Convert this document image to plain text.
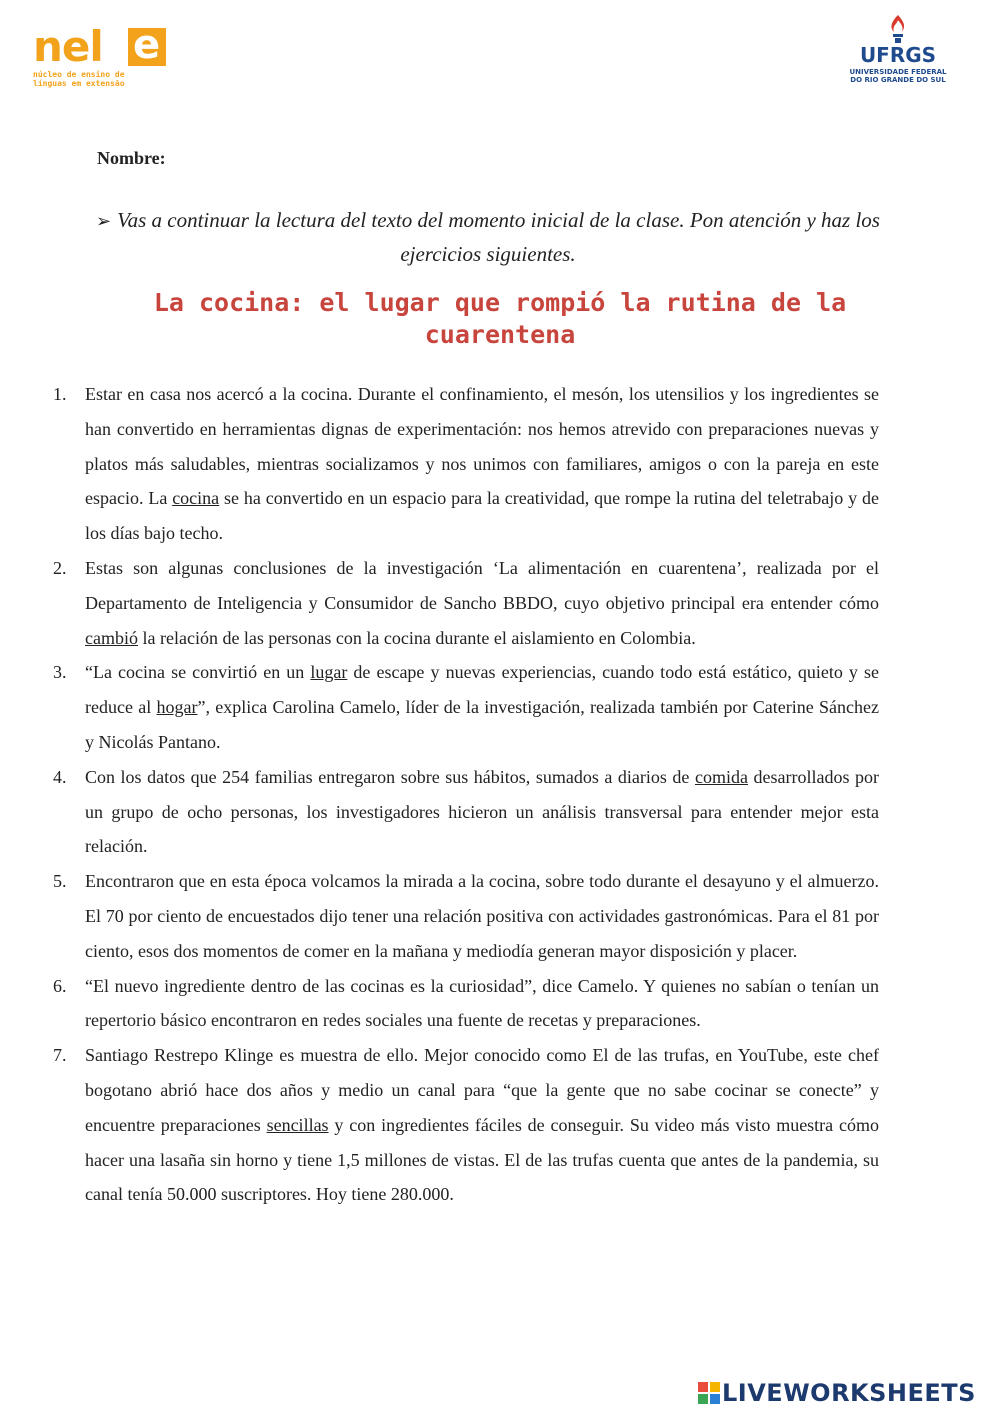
nel e
núcleo de ensino de
línguas em extensão
UFRGS
UNIVERSIDADE FEDERAL
DO RIO GRANDE DO SUL
Nombre:
➢ Vas a continuar la lectura del texto del momento inicial de la clase. Pon atención y haz los ejercicios siguientes.
La cocina: el lugar que rompió la rutina de la cuarentena
1. Estar en casa nos acercó a la cocina. Durante el confinamiento, el mesón, los utensilios y los ingredientes se han convertido en herramientas dignas de experimentación: nos hemos atrevido con preparaciones nuevas y platos más saludables, mientras socializamos y nos unimos con familiares, amigos o con la pareja en este espacio. La cocina se ha convertido en un espacio para la creatividad, que rompe la rutina del teletrabajo y de los días bajo techo.
2. Estas son algunas conclusiones de la investigación ‘La alimentación en cuarentena’, realizada por el Departamento de Inteligencia y Consumidor de Sancho BBDO, cuyo objetivo principal era entender cómo cambió la relación de las personas con la cocina durante el aislamiento en Colombia.
3. “La cocina se convirtió en un lugar de escape y nuevas experiencias, cuando todo está estático, quieto y se reduce al hogar”, explica Carolina Camelo, líder de la investigación, realizada también por Caterine Sánchez y Nicolás Pantano.
4. Con los datos que 254 familias entregaron sobre sus hábitos, sumados a diarios de comida desarrollados por un grupo de ocho personas, los investigadores hicieron un análisis transversal para entender mejor esta relación.
5. Encontraron que en esta época volcamos la mirada a la cocina, sobre todo durante el desayuno y el almuerzo. El 70 por ciento de encuestados dijo tener una relación positiva con actividades gastronómicas. Para el 81 por ciento, esos dos momentos de comer en la mañana y mediodía generan mayor disposición y placer.
6. “El nuevo ingrediente dentro de las cocinas es la curiosidad”, dice Camelo. Y quienes no sabían o tenían un repertorio básico encontraron en redes sociales una fuente de recetas y preparaciones.
7. Santiago Restrepo Klinge es muestra de ello. Mejor conocido como El de las trufas, en YouTube, este chef bogotano abrió hace dos años y medio un canal para “que la gente que no sabe cocinar se conecte” y encuentre preparaciones sencillas y con ingredientes fáciles de conseguir. Su video más visto muestra cómo hacer una lasaña sin horno y tiene 1,5 millones de vistas. El de las trufas cuenta que antes de la pandemia, su canal tenía 50.000 suscriptores. Hoy tiene 280.000.
LIVEWORKSHEETS
